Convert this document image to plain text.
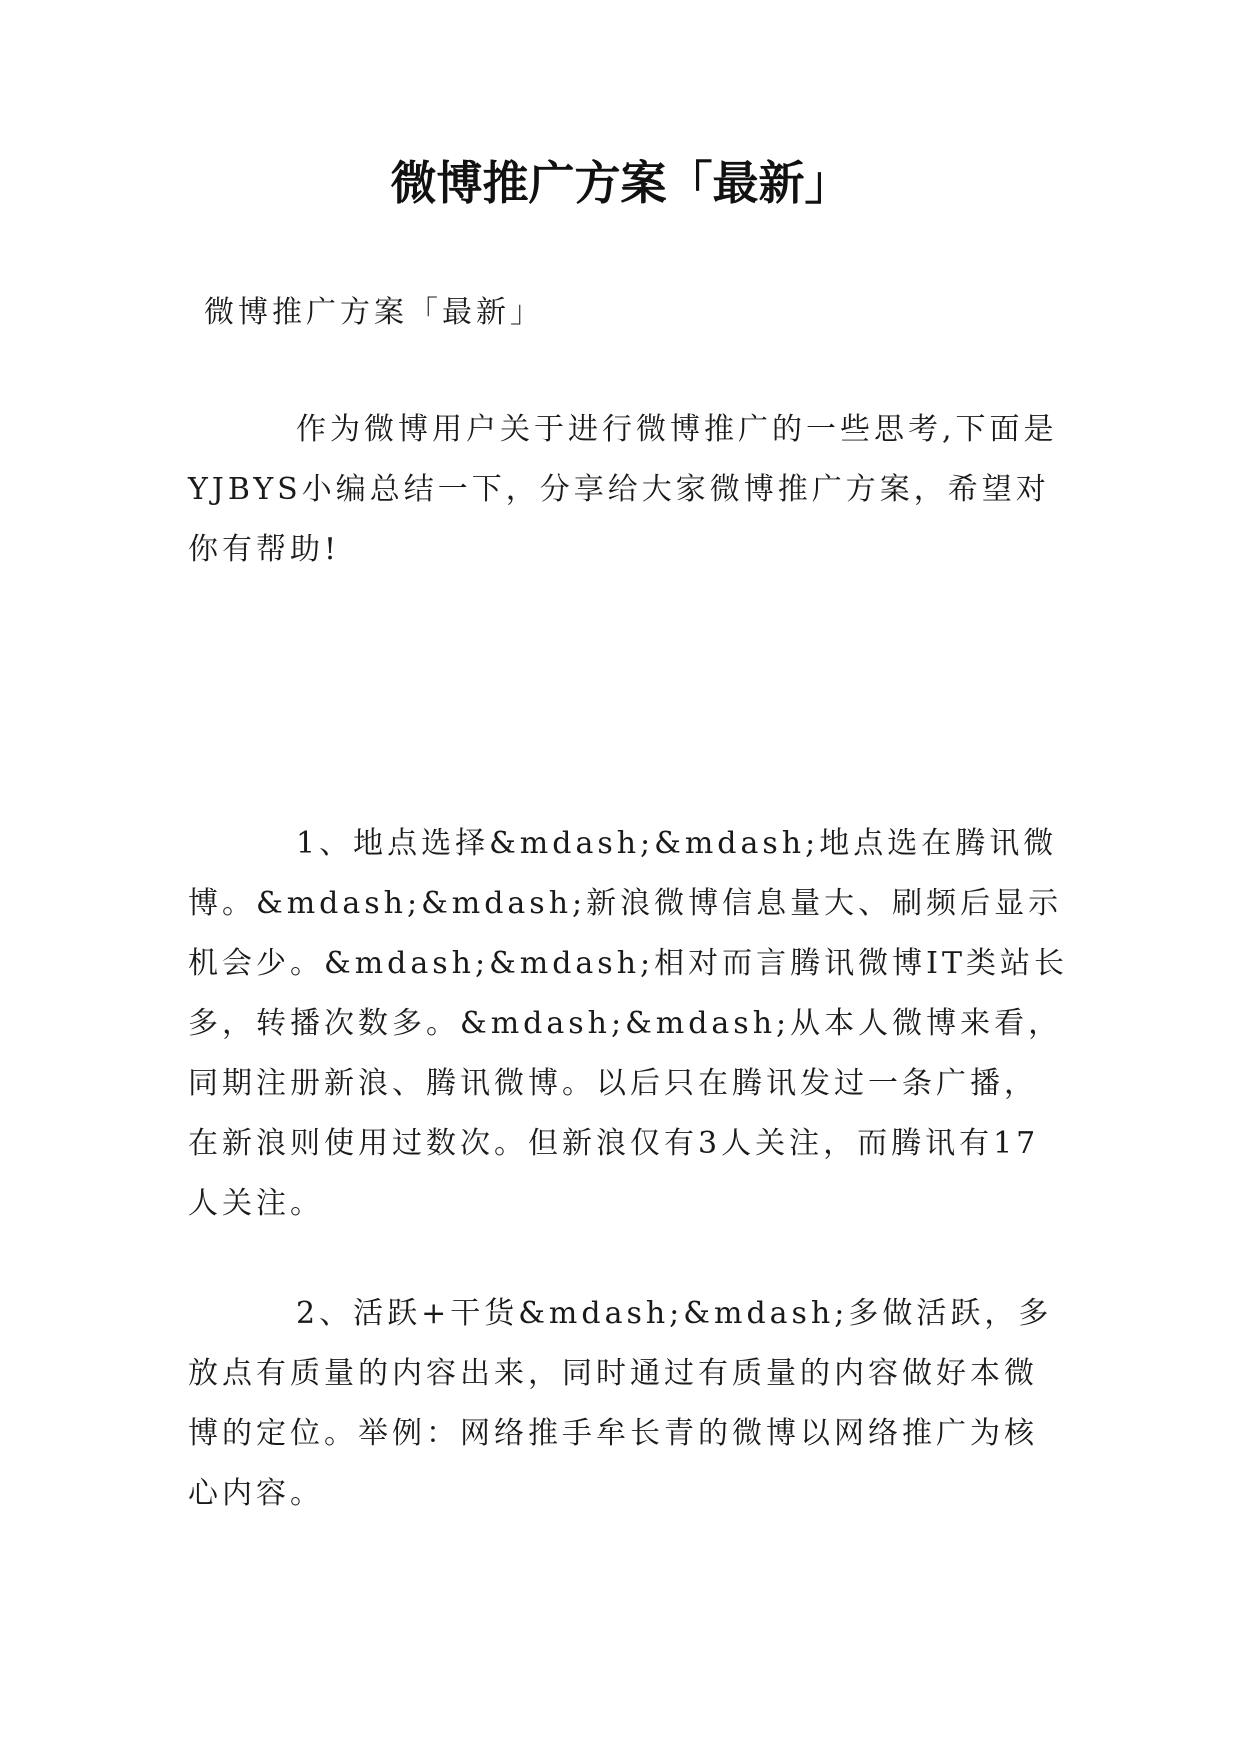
微博推广方案「最新」
微博推广方案「最新」

作为微博用户关于进行微博推广的一些思考,下面是YJBYS小编总结一下，分享给大家微博推广方案，希望对你有帮助!

1、地点选择&mdash;&mdash;地点选在腾讯微博。&mdash;&mdash;新浪微博信息量大、刷频后显示机会少。&mdash;&mdash;相对而言腾讯微博IT类站长多，转播次数多。&mdash;&mdash;从本人微博来看，同期注册新浪、腾讯微博。以后只在腾讯发过一条广播，在新浪则使用过数次。但新浪仅有3人关注，而腾讯有17人关注。

2、活跃+干货&mdash;&mdash;多做活跃，多放点有质量的内容出来，同时通过有质量的内容做好本微博的定位。举例：网络推手牟长青的微博以网络推广为核心内容。
